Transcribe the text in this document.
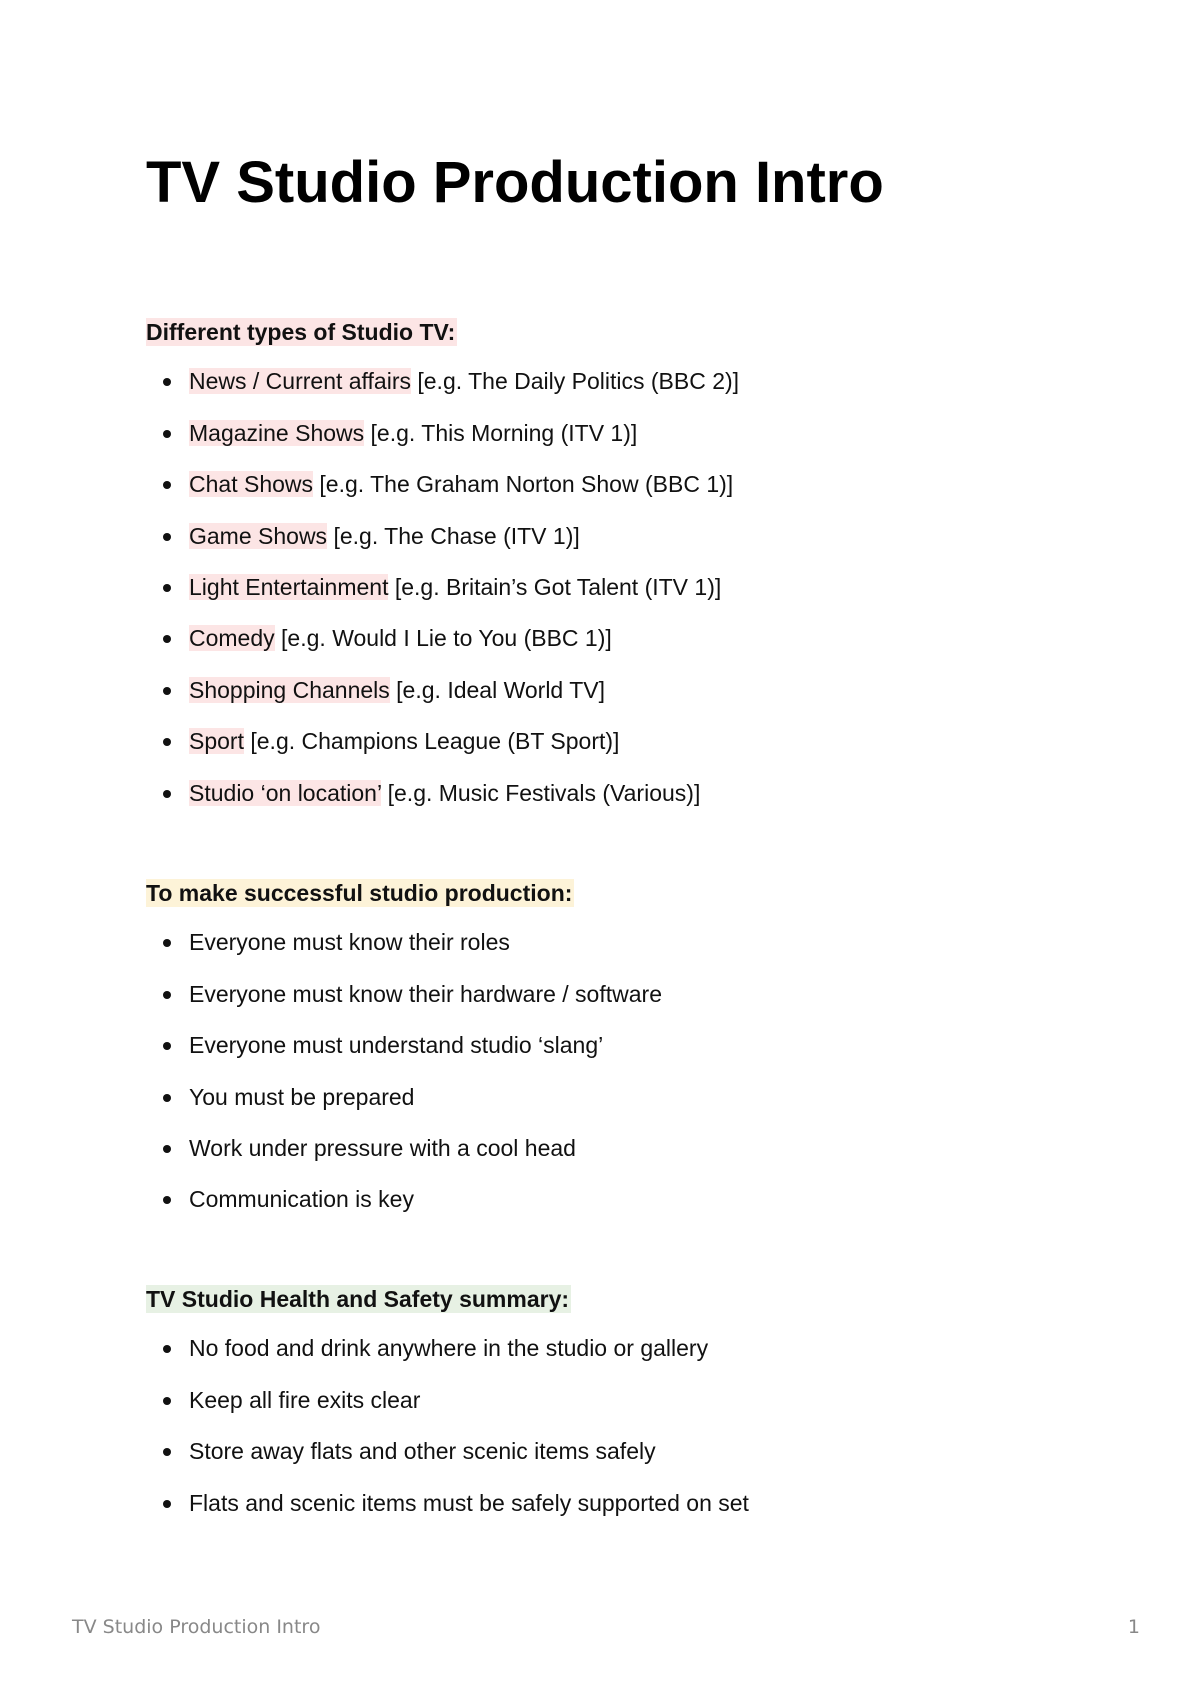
TV Studio Production Intro
Different types of Studio TV:
News / Current affairs [e.g. The Daily Politics (BBC 2)]
Magazine Shows [e.g. This Morning (ITV 1)]
Chat Shows [e.g. The Graham Norton Show (BBC 1)]
Game Shows [e.g. The Chase (ITV 1)]
Light Entertainment [e.g. Britain’s Got Talent (ITV 1)]
Comedy [e.g. Would I Lie to You (BBC 1)]
Shopping Channels [e.g. Ideal World TV]
Sport [e.g. Champions League (BT Sport)]
Studio ‘on location’ [e.g. Music Festivals (Various)]
To make successful studio production:
Everyone must know their roles
Everyone must know their hardware / software
Everyone must understand studio ‘slang’
You must be prepared
Work under pressure with a cool head
Communication is key
TV Studio Health and Safety summary:
No food and drink anywhere in the studio or gallery
Keep all fire exits clear
Store away flats and other scenic items safely
Flats and scenic items must be safely supported on set
TV Studio Production Intro	1
